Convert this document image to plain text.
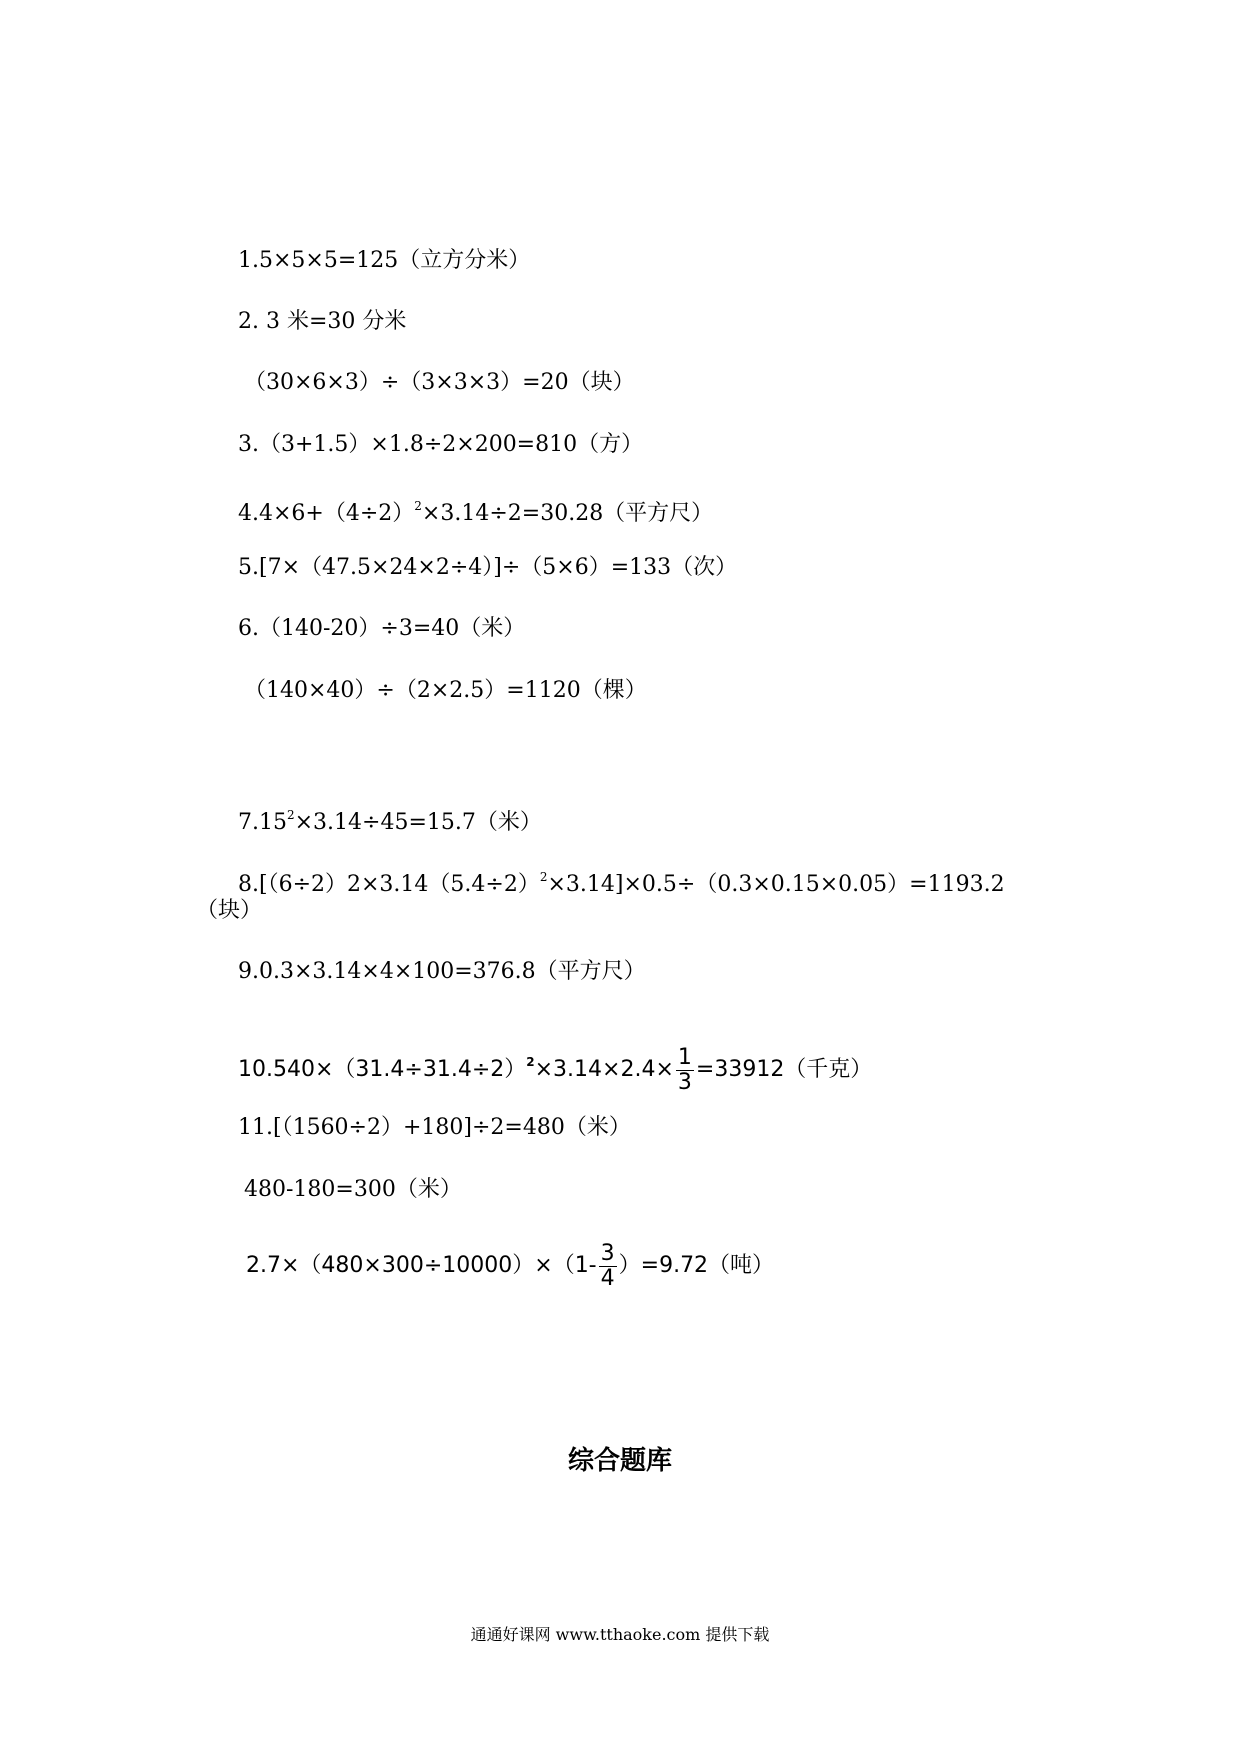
1.5×5×5=125（立方分米）
2. 3 米=30 分米
（30×6×3）÷（3×3×3）=20（块）
3.（3+1.5）×1.8÷2×200=810（方）
$4.4\times 6+(4\div 2)^2\times 3.14\div 2=30.28$（平方尺）
5.[7×（47.5×24×2÷4）]÷（5×6）=133（次）
6.（140-20）÷3=40（米）
（140×40）÷（2×2.5）=1120（棵）
$7.15^2\times 3.14\div 45=15.7$（米）
$8.[(6\div 2)2\times 3.14(5.4\div 2)^2\times 3.14]\times 0.5\div(0.3\times 0.15\times 0.05)=1193.2$
（块）
9.0.3×3.14×4×100=376.8（平方尺）
$10.540\times(31.4\div 31.4\div 2)^2\times 3.14\times 2.4\times \frac{1}{3} =33912$（千克）
11.[（1560÷2）+180]÷2=480（米）
480-180=300（米）
$2.7\times(480\times 300\div 10000)\times(1- \frac{3}{4} )=9.72$（吨）
综合题库
通通好课网 www.tthaoke.com 提供下载
